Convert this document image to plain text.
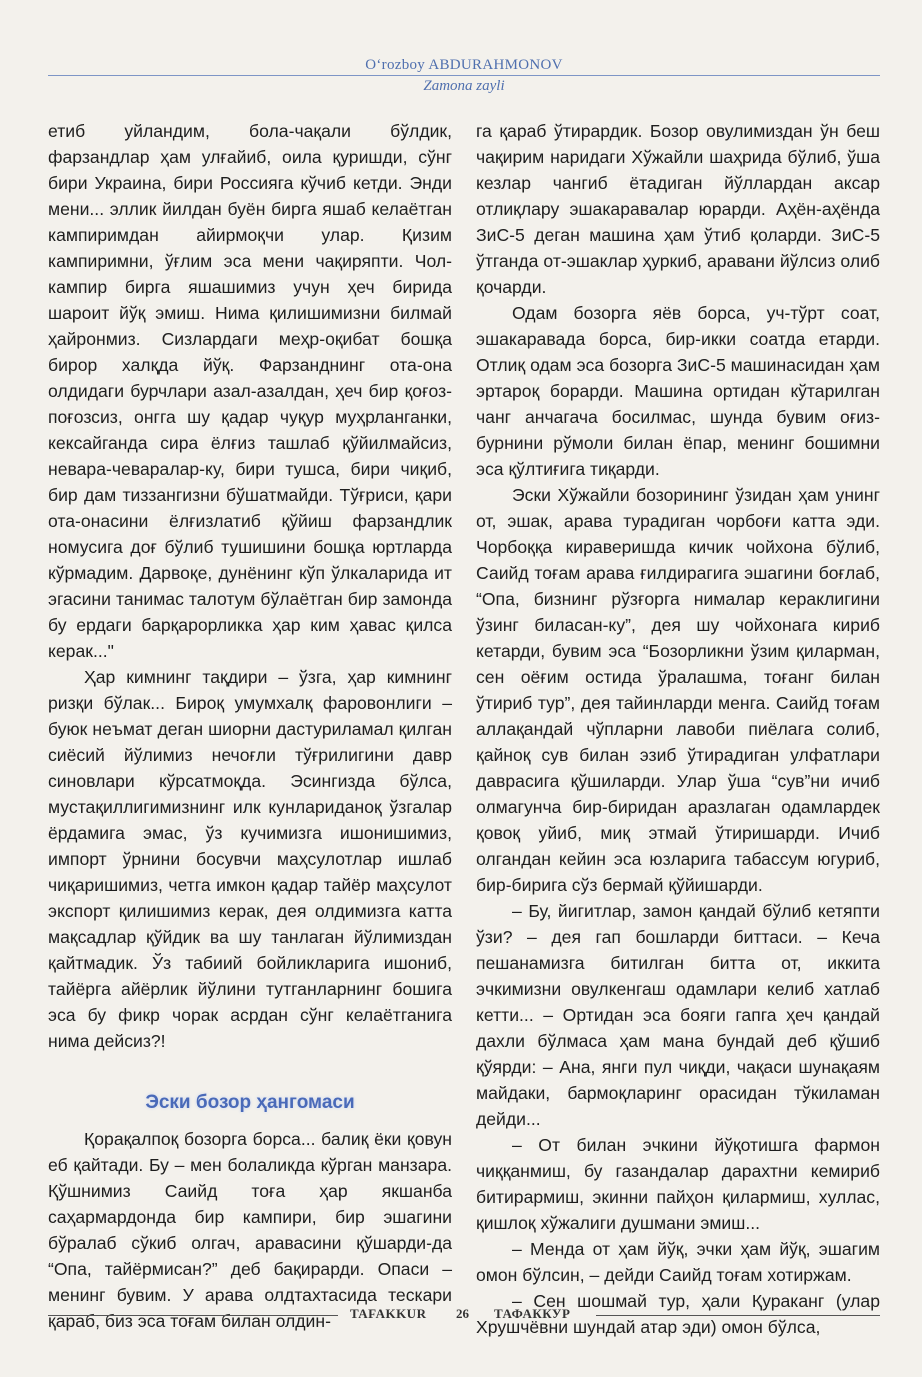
O‘rozboy ABDURAHMONOV
Zamona zayli

етиб уйландим, бола-чақали бўлдик, фарзандлар ҳам улғайиб, оила қуришди, сўнг бири Украина, бири Россияга кўчиб кетди. Энди мени... эллик йилдан буён бирга яшаб келаётган кампиримдан айирмоқчи улар. Қизим кампиримни, ўғлим эса мени чақиряпти. Чол-кампир бирга яшашимиз учун ҳеч бирида шароит йўқ эмиш. Нима қилишимизни билмай ҳайронмиз. Сизлардаги меҳр-оқибат бошқа бирор халқда йўқ. Фарзанднинг ота-она олдидаги бурчлари азал-азалдан, ҳеч бир қоғоз-поғозсиз, онгга шу қадар чуқур муҳрланганки, кексайганда сира ёлғиз ташлаб қўйилмайсиз, невара-чеваралар-ку, бири тушса, бири чиқиб, бир дам тиззангизни бўшатмайди. Тўғриси, қари ота-онасини ёлғизлатиб қўйиш фарзандлик номусига доғ бўлиб тушишини бошқа юртларда кўрмадим. Дарвоқе, дунёнинг кўп ўлкаларида ит эгасини танимас талотум бўлаётган бир замонда бу ердаги барқарорликка ҳар ким ҳавас қилса керак..."

Ҳар кимнинг тақдири – ўзга, ҳар кимнинг ризқи бўлак... Бироқ умумхалқ фаровонлиги – буюк неъмат деган шиорни дастуриламал қилган сиёсий йўлимиз нечоғли тўғрилигини давр синовлари кўрсатмоқда. Эсингизда бўлса, мустақиллигимизнинг илк кунлариданоқ ўзгалар ёрдамига эмас, ўз кучимизга ишонишимиз, импорт ўрнини босувчи маҳсулотлар ишлаб чиқаришимиз, четга имкон қадар тайёр маҳсулот экспорт қилишимиз керак, дея олдимизга катта мақсадлар қўйдик ва шу танлаган йўлимиздан қайтмадик. Ўз табиий бойликларига ишониб, тайёрга айёрлик йўлини тутганларнинг бошига эса бу фикр чорак асрдан сўнг келаётганига нима дейсиз?!

Эски бозор ҳангомаси

Қорақалпоқ бозорга борса... балиқ ёки қовун еб қайтади. Бу – мен болаликда кўрган манзара. Қўшнимиз Саийд тоға ҳар якшанба саҳармардонда бир кампири, бир эшагини бўралаб сўкиб олгач, аравасини қўшарди-да “Опа, тайёрмисан?” деб бақирарди. Опаси – менинг бувим. У арава олдтахтасида тескари қараб, биз эса тоғам билан олдин-

га қараб ўтирардик. Бозор овулимиздан ўн беш чақирим наридаги Хўжайли шаҳрида бўлиб, ўша кезлар чангиб ётадиган йўллардан аксар отлиқлару эшакаравалар юрарди. Аҳён-аҳёнда ЗиС-5 деган машина ҳам ўтиб қоларди. ЗиС-5 ўтганда от-эшаклар ҳуркиб, аравани йўлсиз олиб қочарди.

Одам бозорга яёв борса, уч-тўрт соат, эшакаравада борса, бир-икки соатда етарди. Отлиқ одам эса бозорга ЗиС-5 машинасидан ҳам эртароқ борарди. Машина ортидан кўтарилган чанг анчагача босилмас, шунда бувим оғиз-бурнини рўмоли билан ёпар, менинг бошимни эса қўлтиғига тиқарди.

Эски Хўжайли бозорининг ўзидан ҳам унинг от, эшак, арава турадиган чорбоғи катта эди. Чорбоққа кираверишда кичик чойхона бўлиб, Саийд тоғам арава ғилдирагига эшагини боғлаб, “Опа, бизнинг рўзғорга нималар кераклигини ўзинг биласан-ку”, дея шу чойхонага кириб кетарди, бувим эса “Бозорликни ўзим қиларман, сен оёғим остида ўралашма, тоғанг билан ўтириб тур”, дея тайинларди менга. Саийд тоғам аллақандай чўпларни лавоби пиёлага солиб, қайноқ сув билан эзиб ўтирадиган улфатлари даврасига қўшиларди. Улар ўша “сув”ни ичиб олмагунча бир-биридан аразлаган одамлардек қовоқ уйиб, миқ этмай ўтиришарди. Ичиб олгандан кейин эса юзларига табассум югуриб, бир-бирига сўз бермай қўйишарди.

– Бу, йигитлар, замон қандай бўлиб кетяпти ўзи? – дея гап бошларди биттаси. – Кеча пешанамизга битилган битта от, иккита эчкимизни овулкенгаш одамлари келиб хатлаб кетти... – Ортидан эса бояги гапга ҳеч қандай дахли бўлмаса ҳам мана бундай деб қўшиб қўярди: – Ана, янги пул чиқди, чақаси шунақаям майдаки, бармоқларинг орасидан тўкиламан дейди...

– От билан эчкини йўқотишга фармон чиққанмиш, бу газандалар дарахтни кемириб битирармиш, экинни пайҳон қилармиш, хуллас, қишлоқ хўжалиги душмани эмиш...

– Менда от ҳам йўқ, эчки ҳам йўқ, эшагим омон бўлсин, – дейди Саийд тоғам хотиржам.

– Сен шошмай тур, ҳали Қураканг (улар Хрушчёвни шундай атар эди) омон бўлса,

TAFAKKUR 26 ТАФАККУР
